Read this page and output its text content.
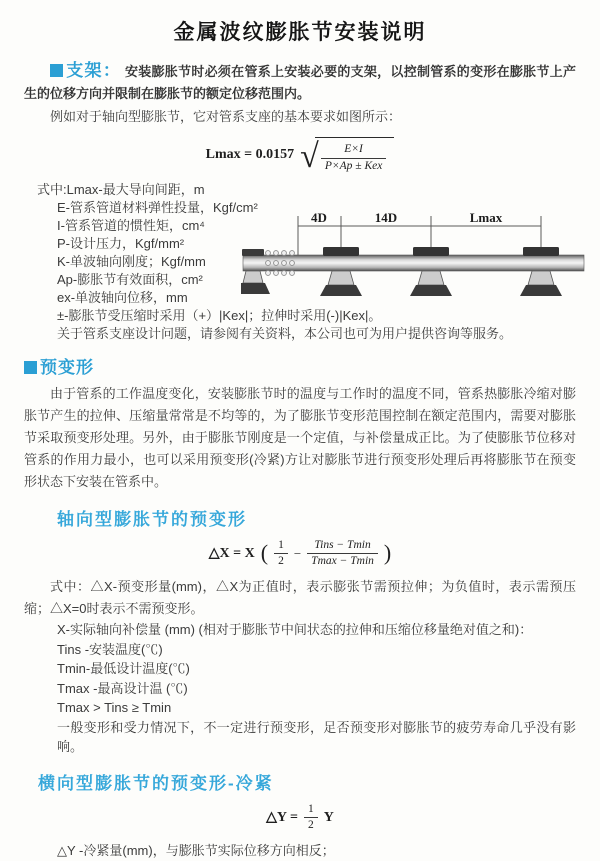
金属波纹膨胀节安装说明

支架： 安装膨胀节时必须在管系上安装必要的支架，以控制管系的变形在膨胀节上产生的位移方向并限制在膨胀节的额定位移范围内。

例如对于轴向型膨胀节，它对管系支座的基本要求如图所示：

Lmax = 0.0157 √ $\frac{E\times I}{\text{P×Ap ± Kex}}$
式中:Lmax-最大导向间距，m
E-管系管道材料弹性投量，Kgf/cm²
I-管系管道的惯性矩，cm⁴
P-设计压力，Kgf/mm²
K-单波轴向刚度；Kgf/mm
Ap-膨胀节有效面积，cm²
ex-单波轴向位移，mm
±-膨胀节受压缩时采用（+）|Kex|；拉伸时采用(-)|Kex|。
关于管系支座设计问题，请参阅有关资料，本公司也可为用户提供咨询等服务。
4D	14D	Lmax
预变形

由于管系的工作温度变化，安装膨胀节时的温度与工作时的温度不同，管系热膨胀冷缩对膨胀节产生的拉伸、压缩量常常是不均等的，为了膨胀节变形范围控制在额定范围内，需要对膨胀节采取预变形处理。另外，由于膨胀节刚度是一个定值，与补偿量成正比。为了使膨胀节位移对管系的作用力最小，也可以采用预变形(冷紧)方让对膨胀节进行预变形处理后再将膨胀节在预变形状态下安装在管系中。

轴向型膨胀节的预变形
△X = X ( $\frac{1}{2} - \frac{\text{Tins − Tmin}}{Tmax - Tmin}$ )

式中：△X-预变形量(mm)，△X为正值时，表示膨张节需预拉伸；为负值时，表示需预压缩；△X=0时表示不需预变形。

X-实际轴向补偿量 (mm) (相对于膨胀节中间状态的拉伸和压缩位移量绝对值之和)：
Tins -安装温度(℃)
Tmin-最低设计温度(℃)
Tmax -最高设计温 (℃)
Tmax > Tins ≥ Tmin
一般变形和受力情况下，不一定进行预变形，足否预变形对膨胀节的疲劳寿命几乎没有影响。
横向型膨胀节的预变形-冷紧
△Y = $\frac{1}{2}$ Y
△Y -冷紧量(mm)，与膨胀节实际位移方向相反；
